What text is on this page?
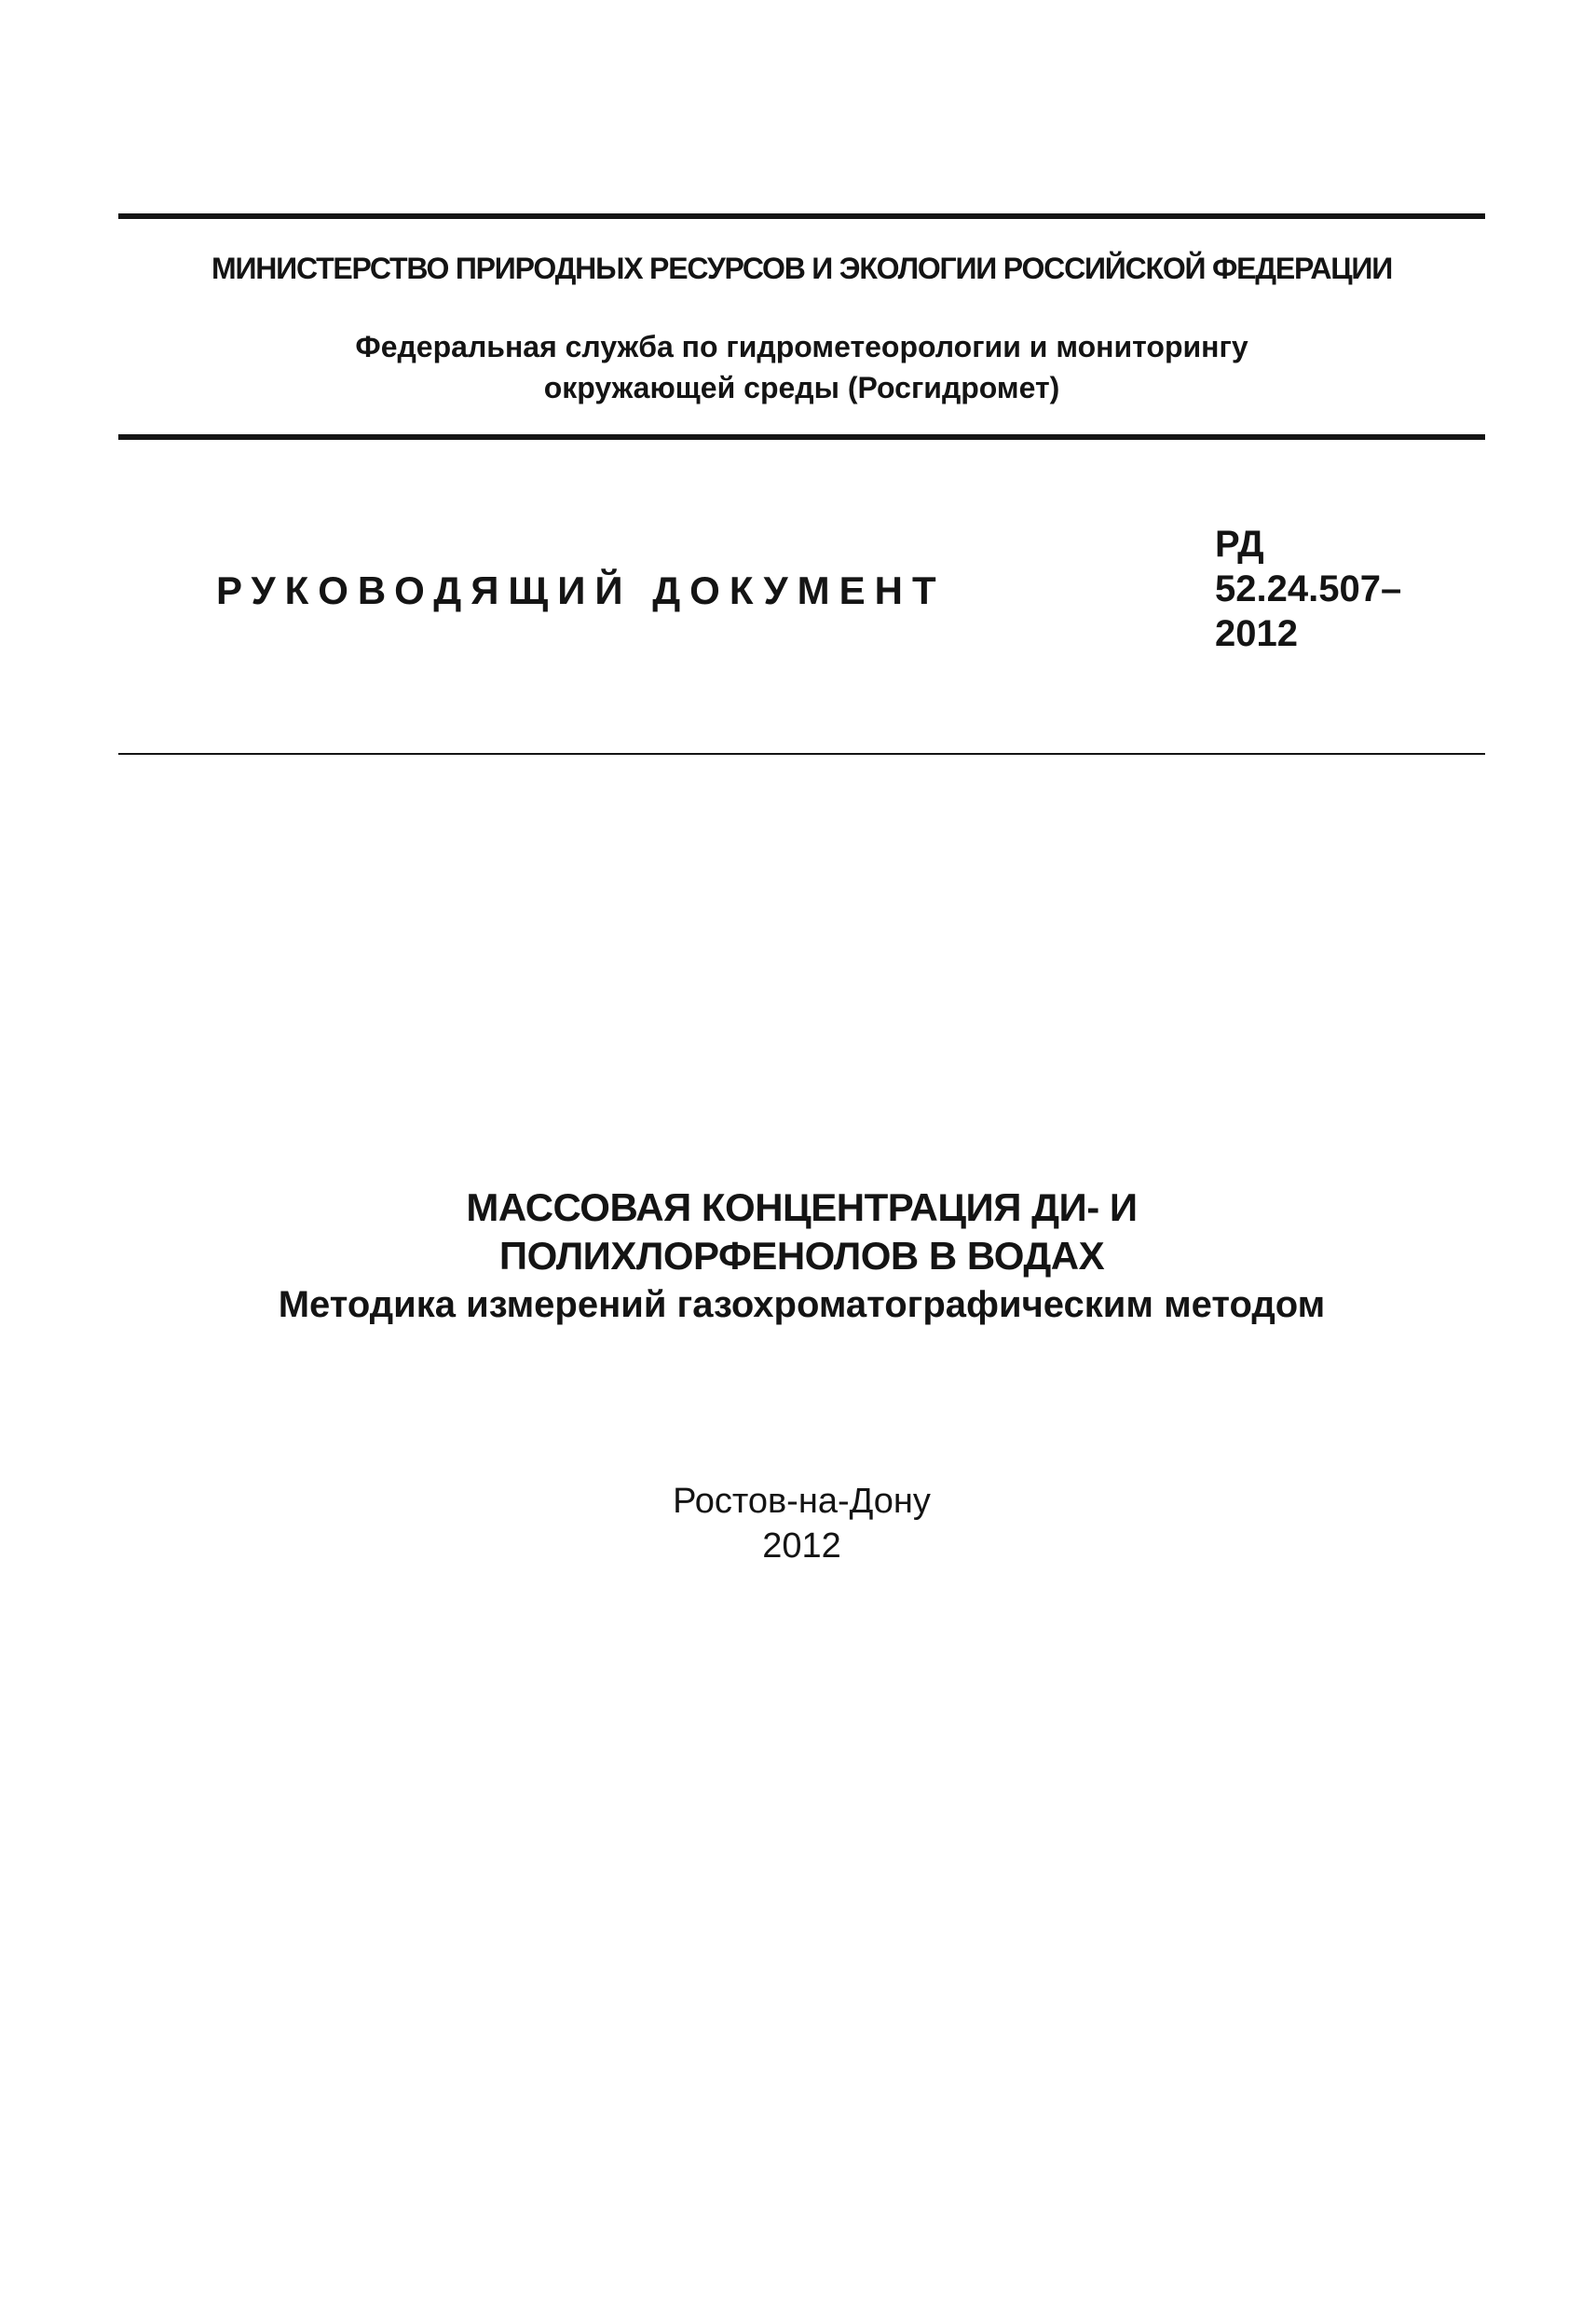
МИНИСТЕРСТВО ПРИРОДНЫХ РЕСУРСОВ И ЭКОЛОГИИ РОССИЙСКОЙ ФЕДЕРАЦИИ
Федеральная служба по гидрометеорологии и мониторингу
окружающей среды (Росгидромет)
РУКОВОДЯЩИЙ ДОКУМЕНТ
РД
52.24.507–
2012
МАССОВАЯ КОНЦЕНТРАЦИЯ ДИ- И
ПОЛИХЛОРФЕНОЛОВ В ВОДАХ
Методика измерений газохроматографическим методом
Ростов-на-Дону
2012
